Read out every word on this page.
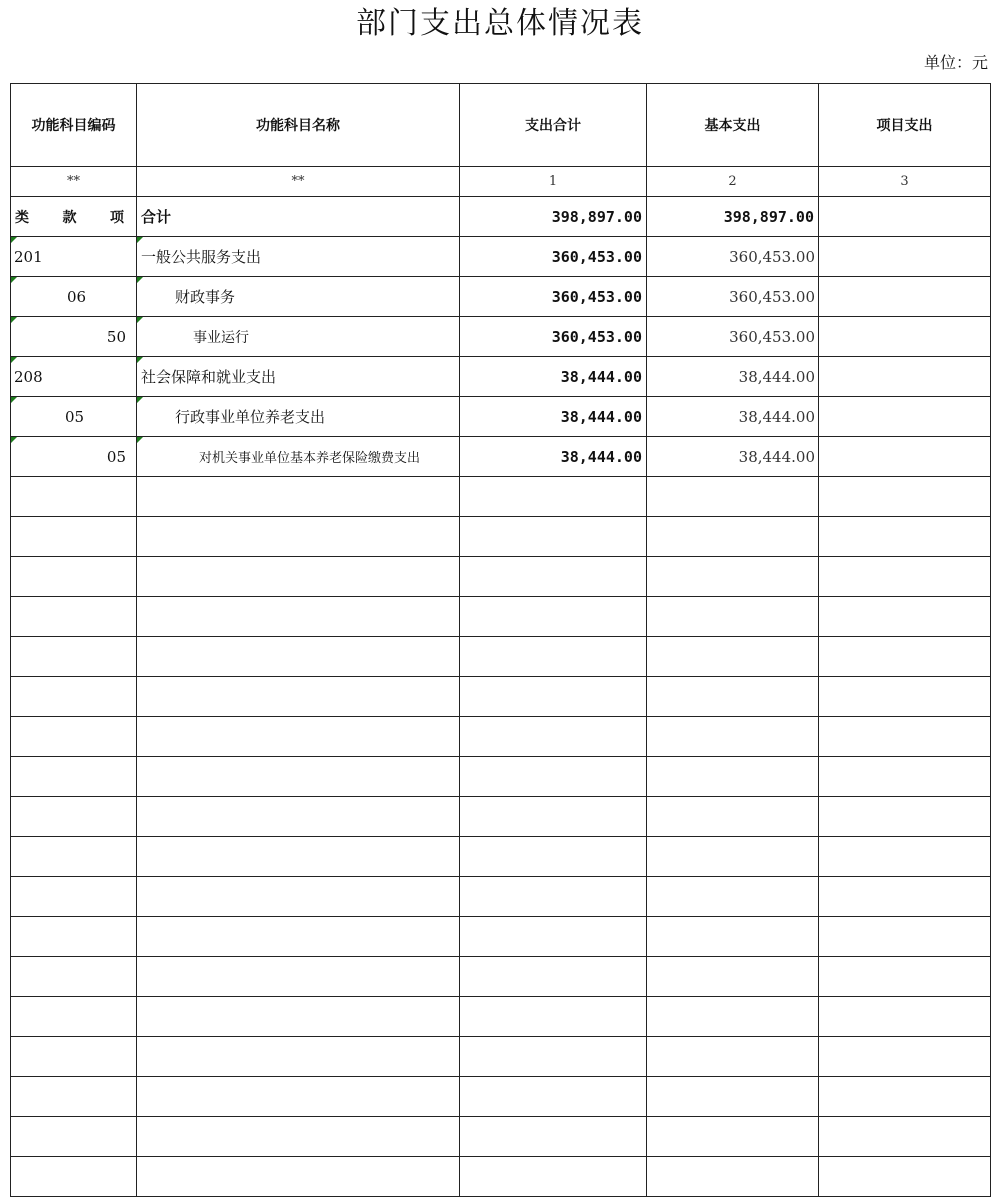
部门支出总体情况表
单位：元
功能科目编码	功能科目名称	支出合计	基本支出	项目支出
**	**	1	2	3

类 款 项	合计	398,897.00	398,897.00	
201	一般公共服务支出	360,453.00	360,453.00	
06	财政事务	360,453.00	360,453.00	
50	事业运行	360,453.00	360,453.00	
208	社会保障和就业支出	38,444.00	38,444.00	
05	行政事业单位养老支出	38,444.00	38,444.00	
05	对机关事业单位基本养老保险缴费支出	38,444.00	38,444.00	
